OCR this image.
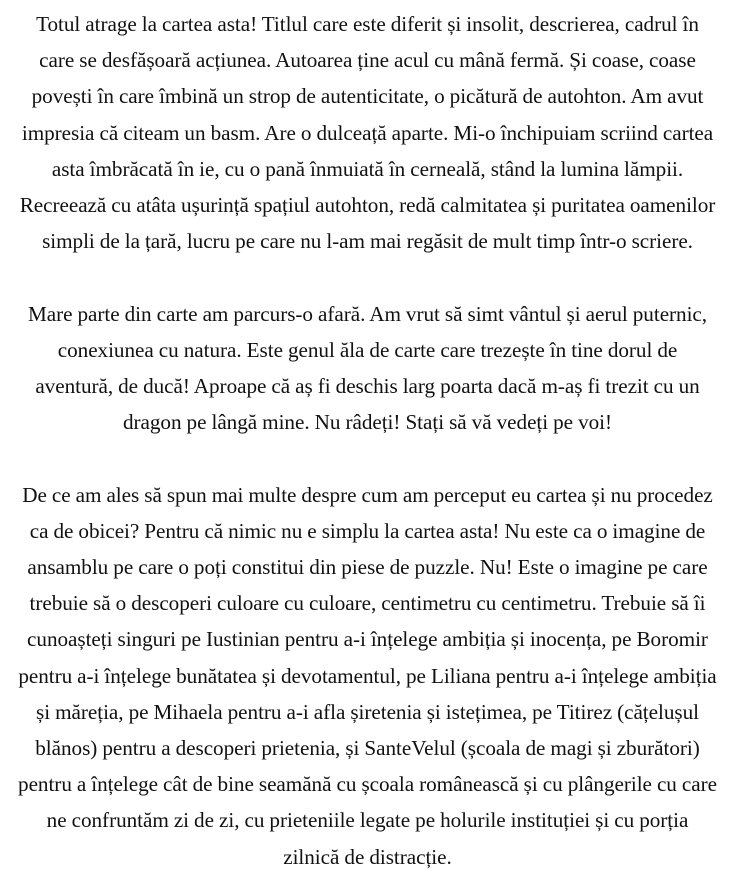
Totul atrage la cartea asta! Titlul care este diferit și insolit, descrierea, cadrul în care se desfășoară acțiunea. Autoarea ține acul cu mână fermă. Și coase, coase povești în care îmbină un strop de autenticitate, o picătură de autohton. Am avut impresia că citeam un basm. Are o dulceață aparte. Mi-o închipuiam scriind cartea asta îmbrăcată în ie, cu o pană înmuiată în cerneală, stând la lumina lămpii. Recreează cu atâta ușurință spațiul autohton, redă calmitatea și puritatea oamenilor simpli de la țară, lucru pe care nu l-am mai regăsit de mult timp într-o scriere.

Mare parte din carte am parcurs-o afară. Am vrut să simt vântul și aerul puternic, conexiunea cu natura. Este genul ăla de carte care trezește în tine dorul de aventură, de ducă! Aproape că aș fi deschis larg poarta dacă m-aș fi trezit cu un dragon pe lângă mine. Nu râdeți! Stați să vă vedeți pe voi!

De ce am ales să spun mai multe despre cum am perceput eu cartea și nu procedez ca de obicei? Pentru că nimic nu e simplu la cartea asta! Nu este ca o imagine de ansamblu pe care o poți constitui din piese de puzzle. Nu! Este o imagine pe care trebuie să o descoperi culoare cu culoare, centimetru cu centimetru. Trebuie să îi cunoașteți singuri pe Iustinian pentru a-i înțelege ambiția și inocența, pe Boromir pentru a-i înțelege bunătatea și devotamentul, pe Liliana pentru a-i înțelege ambiția și măreția, pe Mihaela pentru a-i afla șiretenia și istețimea, pe Titirez (cățelușul blănos) pentru a descoperi prietenia, și SanteVelul (școala de magi și zburători) pentru a înțelege cât de bine seamănă cu școala românească și cu plângerile cu care ne confruntăm zi de zi, cu prieteniile legate pe holurile instituției și cu porția zilnică de distracție.
